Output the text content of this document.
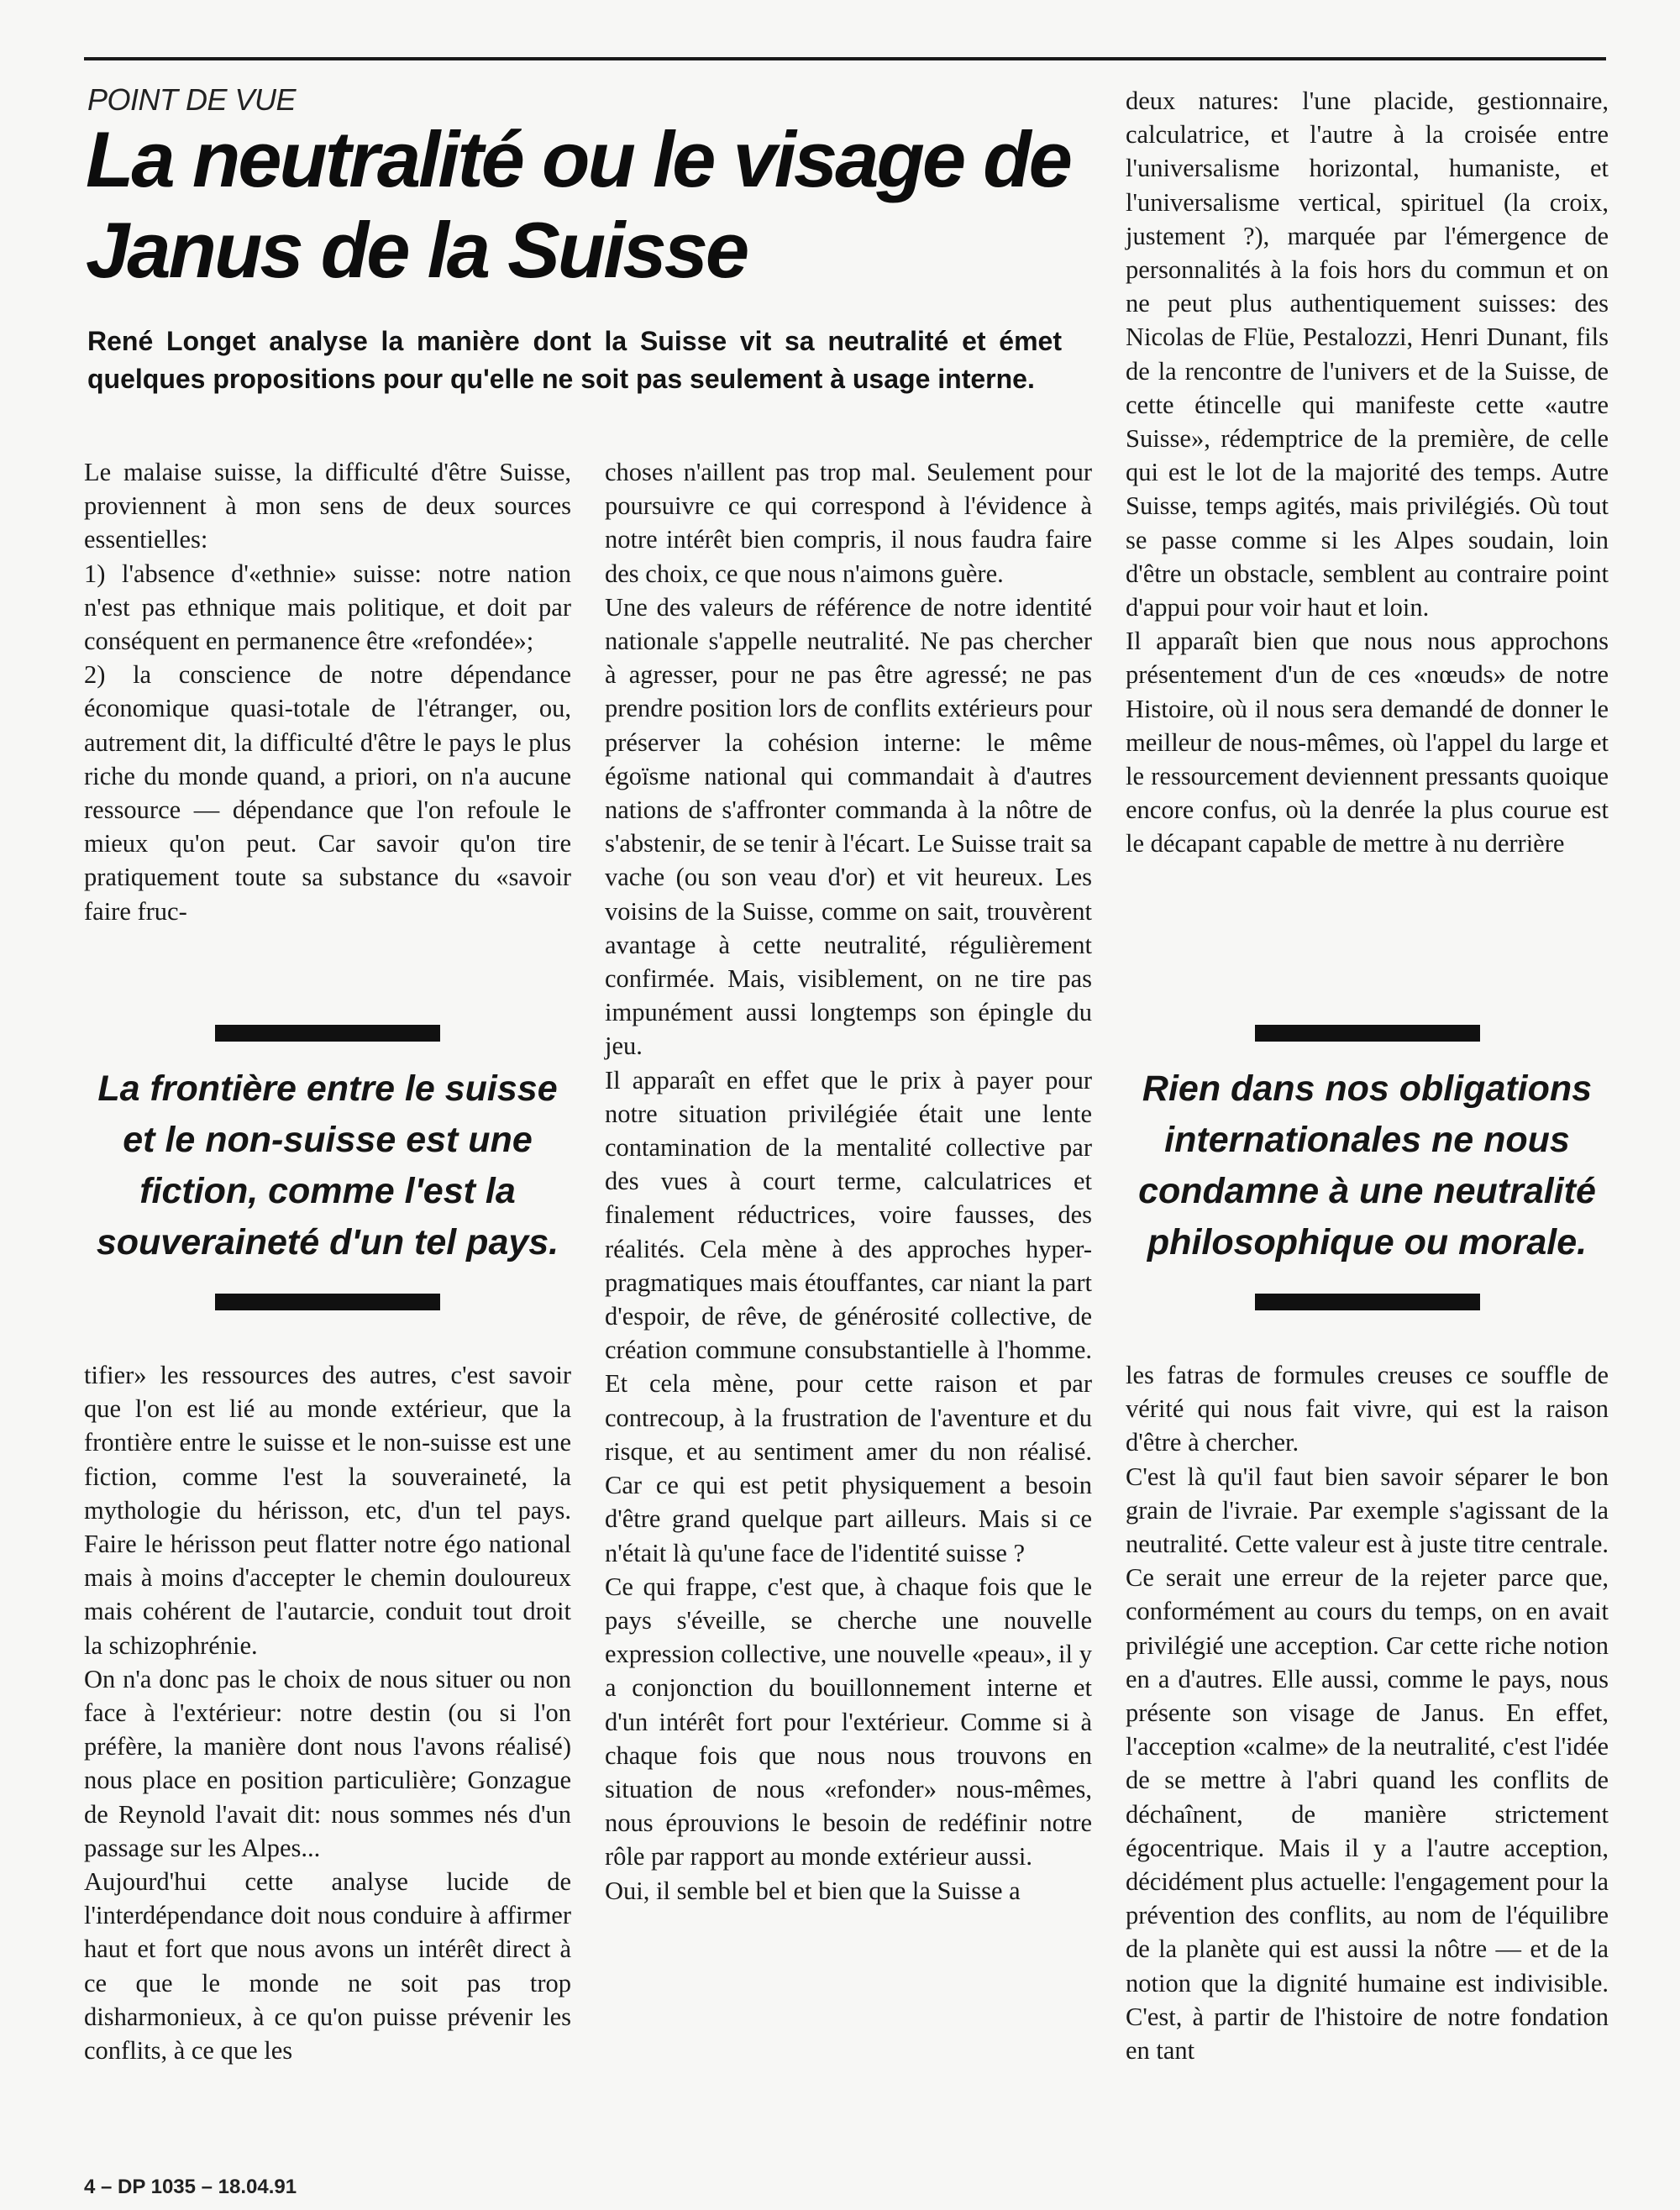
POINT DE VUE
La neutralité ou le visage de Janus de la Suisse

René Longet analyse la manière dont la Suisse vit sa neutralité et émet quelques propositions pour qu'elle ne soit pas seulement à usage interne.

Le malaise suisse, la difficulté d'être Suisse, proviennent à mon sens de deux sources essentielles:

1) l'absence d'«ethnie» suisse: notre nation n'est pas ethnique mais politique, et doit par conséquent en permanence être «refondée»;

2) la conscience de notre dépendance économique quasi-totale de l'étranger, ou, autrement dit, la difficulté d'être le pays le plus riche du monde quand, a priori, on n'a aucune ressource — dépendance que l'on refoule le mieux qu'on peut. Car savoir qu'on tire pratiquement toute sa substance du «savoir faire fruc-

La frontière entre le suisse et le non-suisse est une fiction, comme l'est la souveraineté d'un tel pays.

tifier» les ressources des autres, c'est savoir que l'on est lié au monde extérieur, que la frontière entre le suisse et le non-suisse est une fiction, comme l'est la souveraineté, la mythologie du hérisson, etc, d'un tel pays. Faire le hérisson peut flatter notre égo national mais à moins d'accepter le chemin douloureux mais cohérent de l'autarcie, conduit tout droit la schizophrénie.

On n'a donc pas le choix de nous situer ou non face à l'extérieur: notre destin (ou si l'on préfère, la manière dont nous l'avons réalisé) nous place en position particulière; Gonzague de Reynold l'avait dit: nous sommes nés d'un passage sur les Alpes...

Aujourd'hui cette analyse lucide de l'interdépendance doit nous conduire à affirmer haut et fort que nous avons un intérêt direct à ce que le monde ne soit pas trop disharmonieux, à ce qu'on puisse prévenir les conflits, à ce que les

choses n'aillent pas trop mal. Seulement pour poursuivre ce qui correspond à l'évidence à notre intérêt bien compris, il nous faudra faire des choix, ce que nous n'aimons guère.

Une des valeurs de référence de notre identité nationale s'appelle neutralité. Ne pas chercher à agresser, pour ne pas être agressé; ne pas prendre position lors de conflits extérieurs pour préserver la cohésion interne: le même égoïsme national qui commandait à d'autres nations de s'affronter commanda à la nôtre de s'abstenir, de se tenir à l'écart. Le Suisse trait sa vache (ou son veau d'or) et vit heureux. Les voisins de la Suisse, comme on sait, trouvèrent avantage à cette neutralité, régulièrement confirmée. Mais, visiblement, on ne tire pas impunément aussi longtemps son épingle du jeu.

Il apparaît en effet que le prix à payer pour notre situation privilégiée était une lente contamination de la mentalité collective par des vues à court terme, calculatrices et finalement réductrices, voire fausses, des réalités. Cela mène à des approches hyper-pragmatiques mais étouffantes, car niant la part d'espoir, de rêve, de générosité collective, de création commune consubstantielle à l'homme. Et cela mène, pour cette raison et par contrecoup, à la frustration de l'aventure et du risque, et au sentiment amer du non réalisé. Car ce qui est petit physiquement a besoin d'être grand quelque part ailleurs. Mais si ce n'était là qu'une face de l'identité suisse ?

Ce qui frappe, c'est que, à chaque fois que le pays s'éveille, se cherche une nouvelle expression collective, une nouvelle «peau», il y a conjonction du bouillonnement interne et d'un intérêt fort pour l'extérieur. Comme si à chaque fois que nous nous trouvons en situation de nous «refonder» nous-mêmes, nous éprouvions le besoin de redéfinir notre rôle par rapport au monde extérieur aussi.

Oui, il semble bel et bien que la Suisse a

deux natures: l'une placide, gestionnaire, calculatrice, et l'autre à la croisée entre l'universalisme horizontal, humaniste, et l'universalisme vertical, spirituel (la croix, justement ?), marquée par l'émergence de personnalités à la fois hors du commun et on ne peut plus authentiquement suisses: des Nicolas de Flüe, Pestalozzi, Henri Dunant, fils de la rencontre de l'univers et de la Suisse, de cette étincelle qui manifeste cette «autre Suisse», rédemptrice de la première, de celle qui est le lot de la majorité des temps. Autre Suisse, temps agités, mais privilégiés. Où tout se passe comme si les Alpes soudain, loin d'être un obstacle, semblent au contraire point d'appui pour voir haut et loin.

Il apparaît bien que nous nous approchons présentement d'un de ces «nœuds» de notre Histoire, où il nous sera demandé de donner le meilleur de nous-mêmes, où l'appel du large et le ressourcement deviennent pressants quoique encore confus, où la denrée la plus courue est le décapant capable de mettre à nu derrière

Rien dans nos obligations internationales ne nous condamne à une neutralité philosophique ou morale.

les fatras de formules creuses ce souffle de vérité qui nous fait vivre, qui est la raison d'être à chercher.

C'est là qu'il faut bien savoir séparer le bon grain de l'ivraie. Par exemple s'agissant de la neutralité. Cette valeur est à juste titre centrale. Ce serait une erreur de la rejeter parce que, conformément au cours du temps, on en avait privilégié une acception. Car cette riche notion en a d'autres. Elle aussi, comme le pays, nous présente son visage de Janus. En effet, l'acception «calme» de la neutralité, c'est l'idée de se mettre à l'abri quand les conflits de déchaînent, de manière strictement égocentrique. Mais il y a l'autre acception, décidément plus actuelle: l'engagement pour la prévention des conflits, au nom de l'équilibre de la planète qui est aussi la nôtre — et de la notion que la dignité humaine est indivisible. C'est, à partir de l'histoire de notre fondation en tant

4 – DP 1035 – 18.04.91
